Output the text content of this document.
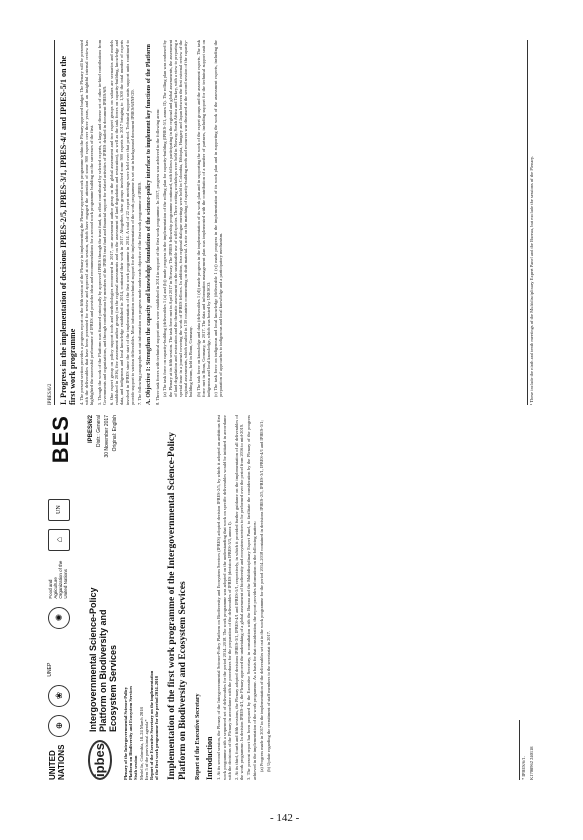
UNITED
NATIONS
⊕
❀
UNEP
✺
Food and Agriculture Organization of the United Nations
⌂
UN
BES
ipbes
Intergovernmental Science-Policy Platform on Biodiversity and Ecosystem Services
IPBES/6/2 Distr.: General 30 November 2017 Original: English
Plenary of the Intergovernmental Science-Policy Platform on Biodiversity and Ecosystem Services Sixth session Medellin, Colombia, 18–24 March 2018 Item 5 of the provisional agenda* Report of the Executive Secretary on the implementation of the first work programme for the period 2014–2018 Implementation of the first work programme of the Intergovernmental Science-Policy Platform on Biodiversity and Ecosystem Services Report of the Executive Secretary Introduction 1. At its second session, the Plenary of the Intergovernmental Science-Policy Platform on Biodiversity and Ecosystem Services (IPBES) adopted decision IPBES-2/5, by which it adopted an ambitious first work programme with a sequenced set of deliverables for the period 2014–2018. The work programme was adopted on the understanding that work on specific deliverables would be initiated in accordance with the decisions of the Plenary in accordance with the procedures for the preparation of the deliverables of IPBES (decision IPBES-3/3, annex I). 2. At its third, fourth and fifth sessions, the Plenary adopted decisions IPBES-3/1, IPBES-4/1 and IPBES-5/1, respectively, in which it provided further guidance on the implementation of all deliverables of the work programme. In decision IPBES-4/1, the Plenary approved the undertaking of a global assessment of biodiversity and ecosystem services to be performed over the period from 2016 to mid-2019. 3. The present report has been prepared by the Executive Secretary, in consultation with the Bureau and the Multidisciplinary Expert Panel, to facilitate the consideration by the Plenary of the progress achieved in the implementation of the work programme. As a basis for that consideration, the report provides information on the following matters: (a) Progress made in 2017 in the implementation of the deliverables set out in the work programme for the period 2014–2018 contained in decisions IPBES-2/5, IPBES-3/1, IPBES-4/1 and IPBES-5/1; (b) Update regarding the recruitment of staff members to the secretariat in 2017.	* IPBES/6/1. K1708962 240118
IPBES/6/2 I. Progress in the implementation of decisions IPBES-2/5, IPBES-3/1, IPBES-4/1 and IPBES-5/1 on the first work programme 4. The present section provides a progress report on the fifth session of the Plenary in implementing the Plenary-approved work programme within the Plenary-approved budget. The Plenary will be presented with the deliverables that have been presented for review and approval at each session, which have engaged the attention of some 900 experts over three years, and an insightful internal review has highlighted the successful performance of IPBES and provides ideas and recommendations for a second work programme building on the successes of the first. 5. Though the work of the Platform was financed principally by approved IPBES through the trust fund, its effort contributed by selected experts, a large and diverse set of other in-kind contributions from Governments and organizations, and through contributions by members of the IPBES trust fund and financial support for related activities of IPBES detailed in document IPBES/6/9. 6. One expert group on policy support tools and methodologies reconvened in 2017, one assessment author group on the global assessment and two expert groups on values are scenarios and models established in 2016, five assessment author groups (on the regional assessments and on the assessment of land degradation and restoration), as well as the task forces on capacity-building, knowledge and data, and indigenous and local knowledge established in 2014, continued their work in 2017. Altogether, these groups involved some 900 experts in 2017 bringing to 1,300 the total number of experts involved in IPBES since the start of the implementation of the first work programme in 2014. A total of 22 expert meetings were held over that period. Technical support units support units continued to provide support to various deliverables. More information on technical support for the implementation of the work programme is set out in background document IPBES/6/INF/29. 7. The following paragraphs set out information on progress made under each objective of the first work programme of IPBES. A. Objective 1: Strengthen the capacity and knowledge foundations of the science-policy interface to implement key functions of the Platform 8. Three task forces with technical support units were established in 2014 in support of the first work programme. In 2017, progress was achieved in the following areas: (a) The task force on capacity-building (deliverables 1 (a) and (b)) made progress in the implementation of the rolling plan for capacity-building (IPBES-5/1, annex II). The rolling plan was endorsed by the Plenary at its fifth session. The task force met in April 2017 in Norway. The IPBES fellowship programme continued, with fellows participating in the regional and global assessments, the assessment of land degradation and restoration and the thematic assessment on the sustainable use of wild species. Three writing workshops were held in Norway, South Africa and Turkey, with a view to preparing a special issue in a journal covering the work of IPBES fellows. In addition, four regional dialogue meetings were held in Colombia, Ethiopia, Hungary and Japan between the first external review of the regional assessments, which resulted in 130 countries commenting on draft material. A note on the matching of capacity-building needs and resources was discussed at the second session of the capacity-building forum, held in Bonn, Germany. (b) The task force on knowledge and data (deliverables 1 (d)) made progress in the implementation of its work plan and in supporting the work of the expert groups and the assessment experts. The task force met in Bonn, Germany, in 2017. The data and information management plan was implemented with the contribution of a number of partners, including support for the technical support unit on indigenous and local knowledge, which was hosted by UNESCO. (c) The task force on indigenous and local knowledge (deliverable 1 (c)) made progress in the implementation of its work plan and in supporting the work of the assessment experts, including the preparation of approaches to indigenous and local knowledge and a participatory mechanism.	¹ These include the ninth and tenth meetings of the Multidisciplinary Expert Panel and the Bureau, but exclude the sessions of the Plenary.
- 142 -
